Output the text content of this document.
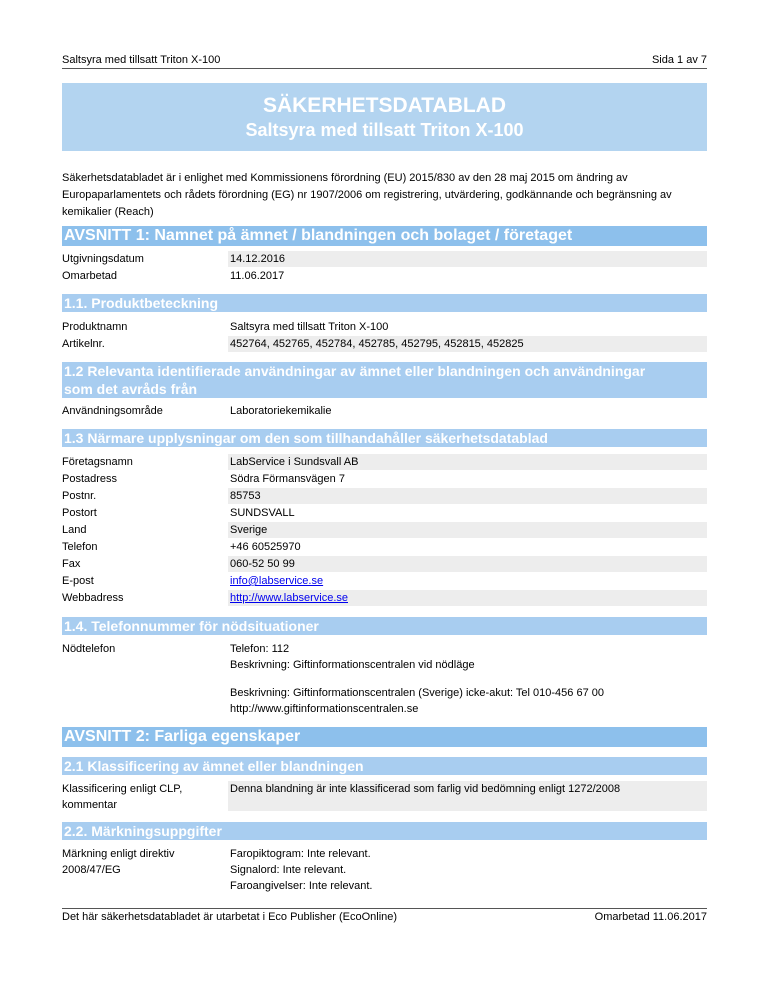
Saltsyra med tillsatt Triton X-100	Sida 1 av 7
SÄKERHETSDATABLAD
Saltsyra med tillsatt Triton X-100
Säkerhetsdatabladet är i enlighet med Kommissionens förordning (EU) 2015/830 av den 28 maj 2015 om ändring av Europaparlamentets och rådets förordning (EG) nr 1907/2006 om registrering, utvärdering, godkännande och begränsning av kemikalier (Reach)
AVSNITT 1: Namnet på ämnet / blandningen och bolaget / företaget
Utgivningsdatum	14.12.2016
Omarbetad	11.06.2017
1.1. Produktbeteckning
Produktnamn	Saltsyra med tillsatt Triton X-100
Artikelnr.	452764, 452765, 452784, 452785, 452795, 452815, 452825
1.2 Relevanta identifierade användningar av ämnet eller blandningen och användningar
som det avråds från
Användningsområde	Laboratoriekemikalie
1.3 Närmare upplysningar om den som tillhandahåller säkerhetsdatablad
Företagsnamn	LabService i Sundsvall AB
Postadress	Södra Förmansvägen 7
Postnr.	85753
Postort	SUNDSVALL
Land	Sverige
Telefon	+46 60525970
Fax	060-52 50 99
E-post	info@labservice.se
Webbadress	http://www.labservice.se
1.4. Telefonnummer för nödsituationer
Nödtelefon	Telefon: 112
Beskrivning: Giftinformationscentralen vid nödläge
Beskrivning: Giftinformationscentralen (Sverige) icke-akut: Tel 010-456 67 00
http://www.giftinformationscentralen.se
AVSNITT 2: Farliga egenskaper
2.1 Klassificering av ämnet eller blandningen
Klassificering enligt CLP,
kommentar
Denna blandning är inte klassificerad som farlig vid bedömning enligt 1272/2008
2.2. Märkningsuppgifter
Märkning enligt direktiv
2008/47/EG
Faropiktogram: Inte relevant.
Signalord: Inte relevant.
Faroangivelser: Inte relevant.
Det här säkerhetsdatabladet är utarbetat i Eco Publisher (EcoOnline)	Omarbetad 11.06.2017
